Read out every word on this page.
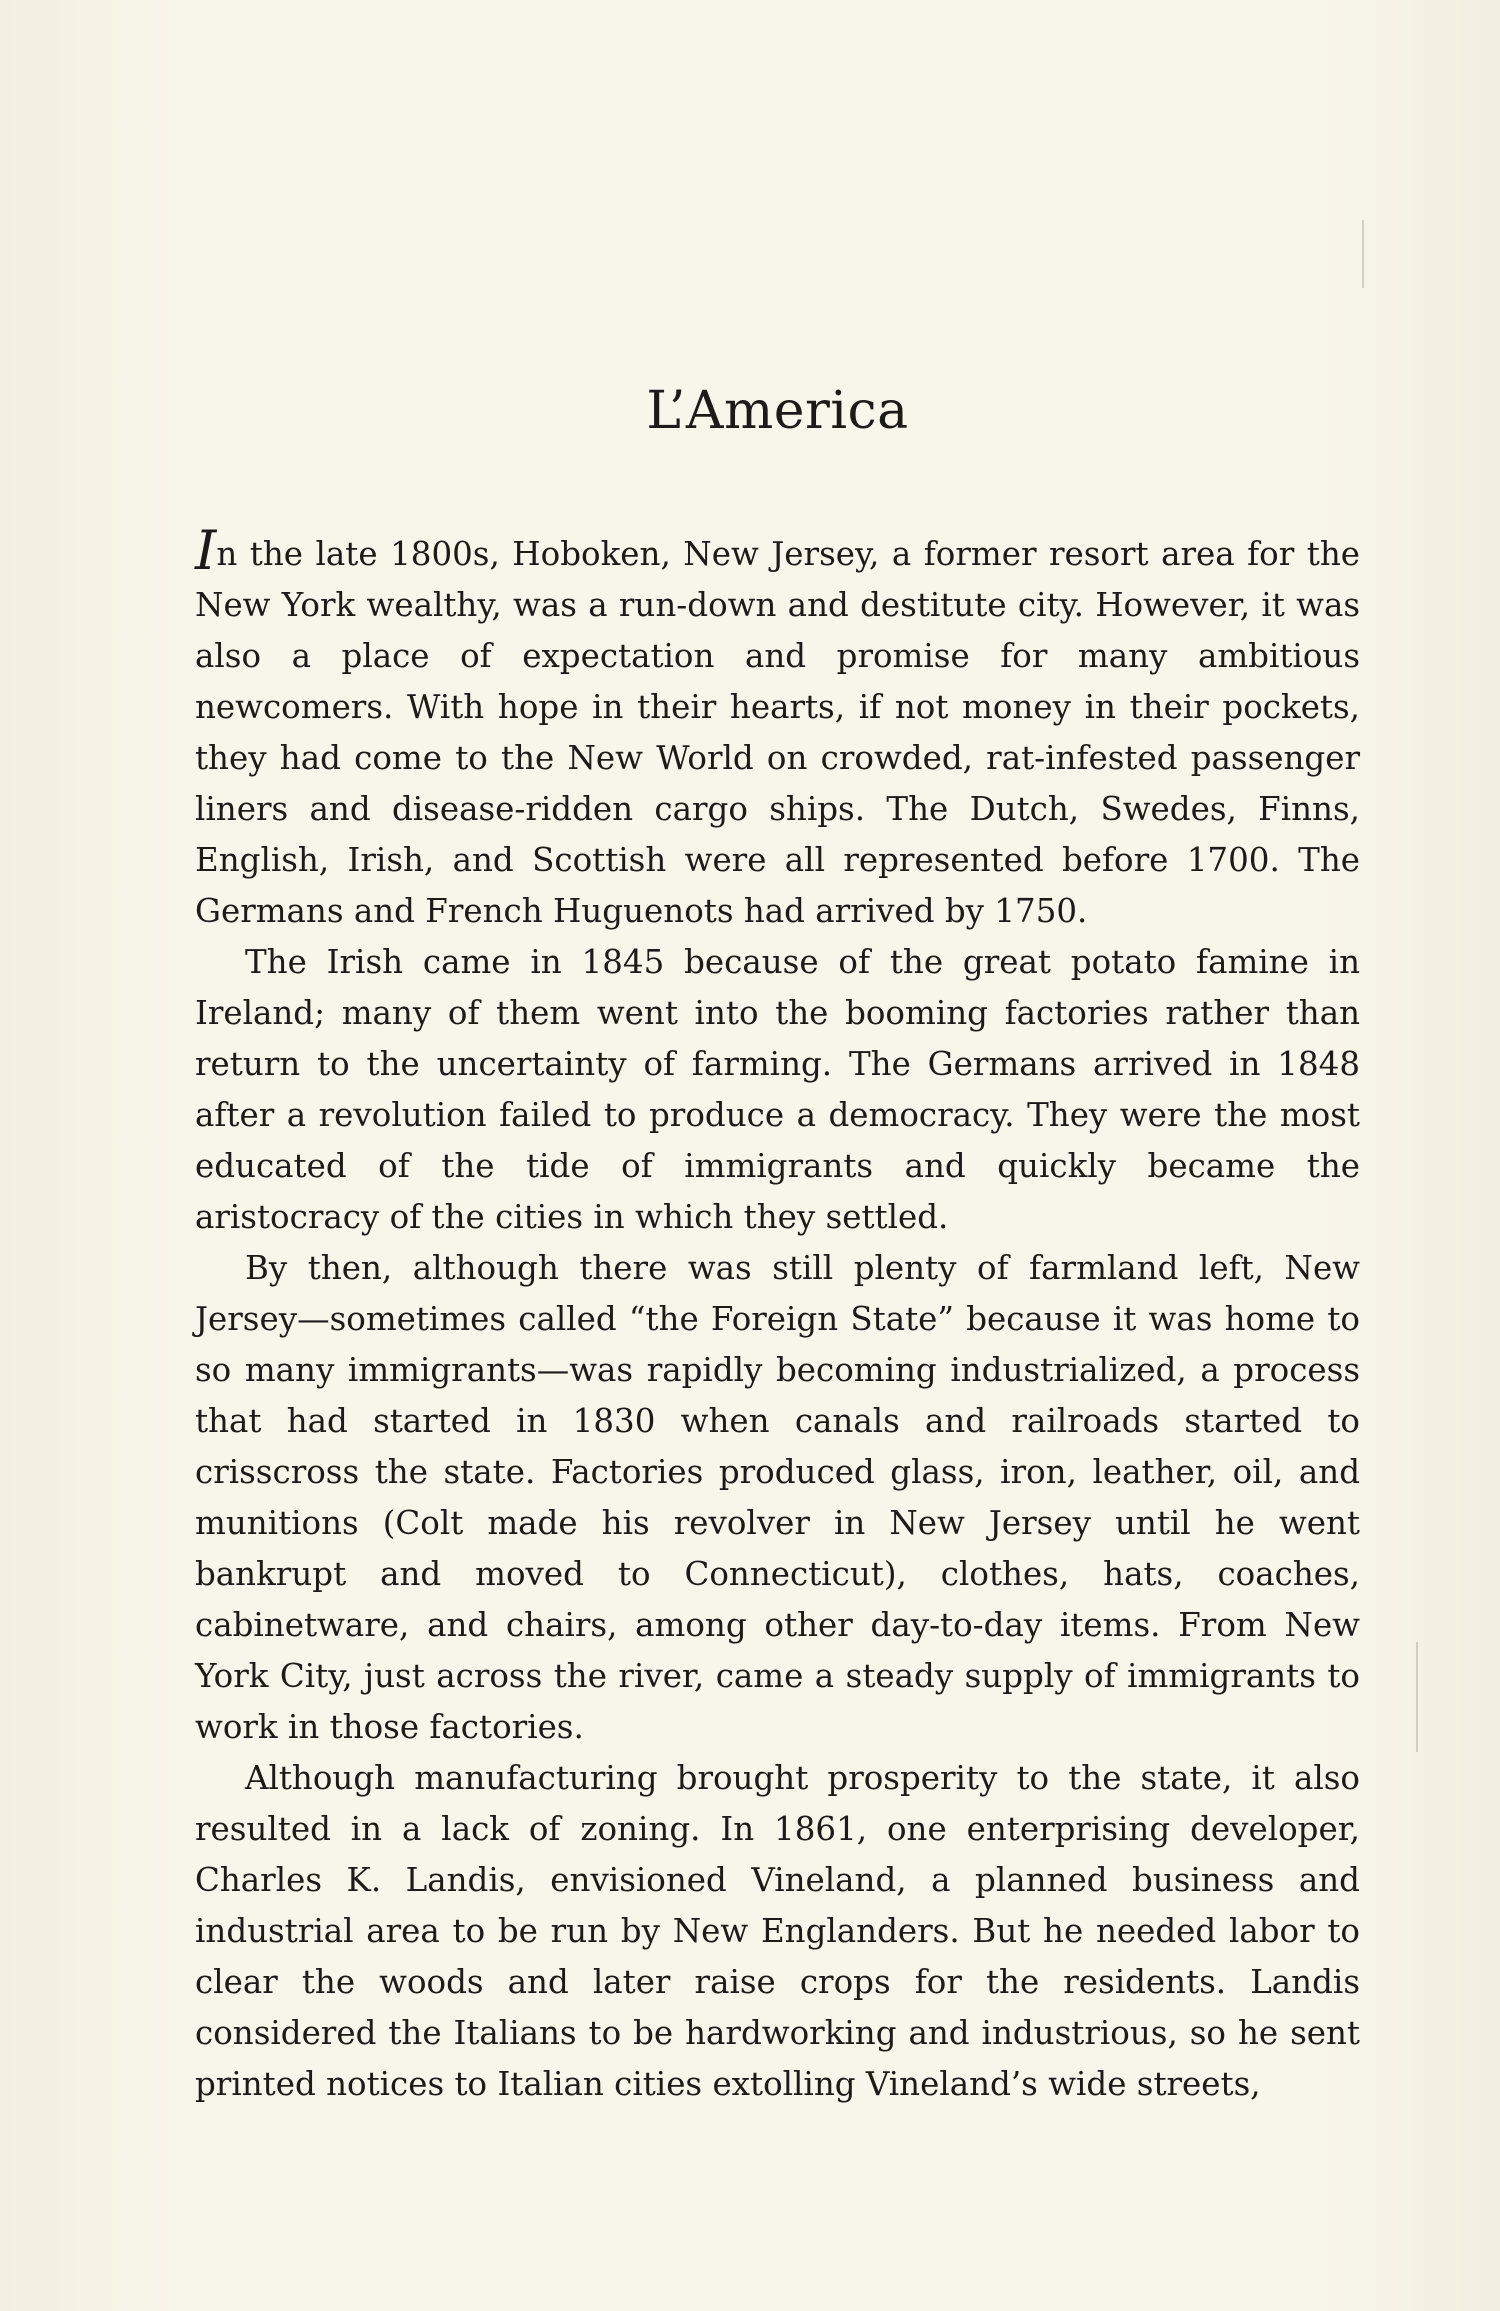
L’America

In the late 1800s, Hoboken, New Jersey, a former resort area for the New York wealthy, was a run-down and destitute city. However, it was also a place of expectation and promise for many ambitious newcomers. With hope in their hearts, if not money in their pockets, they had come to the New World on crowded, rat-infested passenger liners and disease-ridden cargo ships. The Dutch, Swedes, Finns, English, Irish, and Scottish were all represented before 1700. The Germans and French Huguenots had arrived by 1750.

The Irish came in 1845 because of the great potato famine in Ireland; many of them went into the booming factories rather than return to the uncertainty of farming. The Germans arrived in 1848 after a revolution failed to produce a democracy. They were the most educated of the tide of immigrants and quickly became the aristocracy of the cities in which they settled.

By then, although there was still plenty of farmland left, New Jersey—sometimes called “the Foreign State” because it was home to so many immigrants—was rapidly becoming industrialized, a process that had started in 1830 when canals and railroads started to crisscross the state. Factories produced glass, iron, leather, oil, and munitions (Colt made his revolver in New Jersey until he went bankrupt and moved to Connecticut), clothes, hats, coaches, cabinetware, and chairs, among other day-to-day items. From New York City, just across the river, came a steady supply of immigrants to work in those factories.

Although manufacturing brought prosperity to the state, it also resulted in a lack of zoning. In 1861, one enterprising developer, Charles K. Landis, envisioned Vineland, a planned business and industrial area to be run by New Englanders. But he needed labor to clear the woods and later raise crops for the residents. Landis considered the Italians to be hardworking and industrious, so he sent printed notices to Italian cities extolling Vineland’s wide streets,
